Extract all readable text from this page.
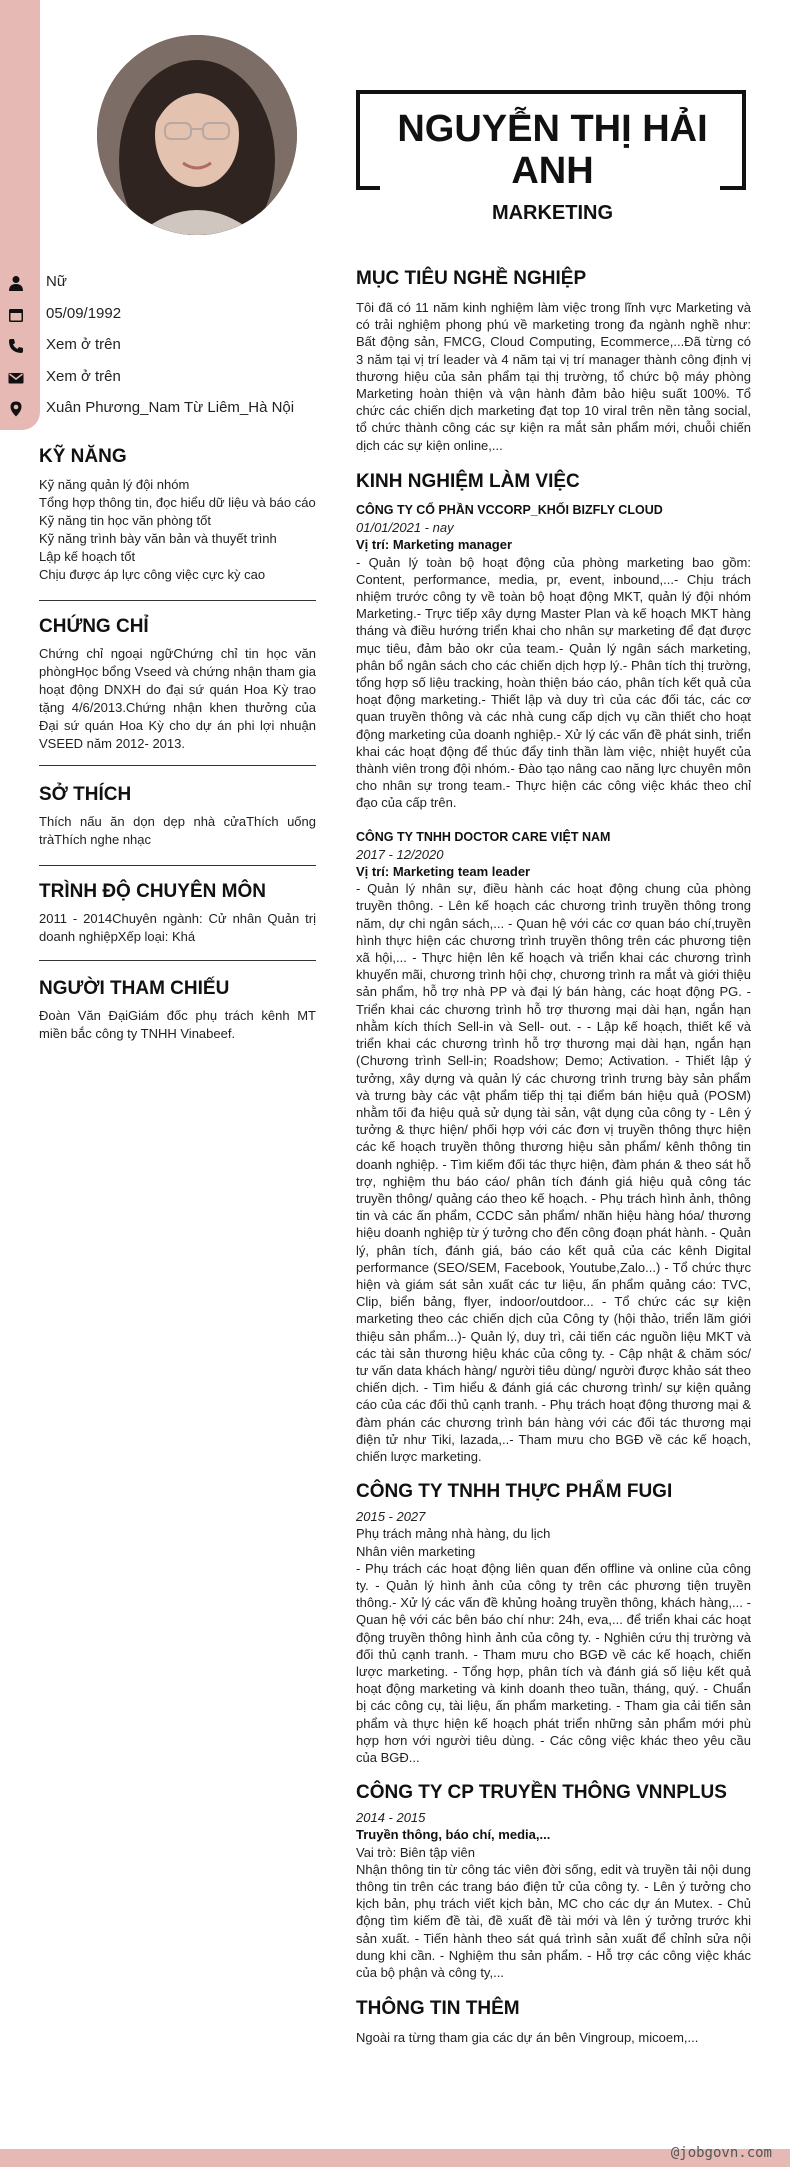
NGUYỄN THỊ HẢI ANH
MARKETING
Nữ
05/09/1992
Xem ở trên
Xem ở trên
Xuân Phương_Nam Từ Liêm_Hà Nội
KỸ NĂNG
Kỹ năng quản lý đội nhóm
Tổng hợp thông tin, đọc hiểu dữ liệu và báo cáo
Kỹ năng tin học văn phòng tốt
Kỹ năng trình bày văn bản và thuyết trình
Lập kế hoạch tốt
Chịu được áp lực công việc cực kỳ cao
CHỨNG CHỈ
Chứng chỉ ngoại ngữChứng chỉ tin học văn phòngHọc bổng Vseed và chứng nhận tham gia hoạt động DNXH do đại sứ quán Hoa Kỳ trao tặng 4/6/2013.Chứng nhận khen thưởng của Đại sứ quán Hoa Kỳ cho dự án phi lợi nhuận VSEED năm 2012- 2013.
SỞ THÍCH
Thích nấu ăn dọn dẹp nhà cửaThích uống tràThích nghe nhạc
TRÌNH ĐỘ CHUYÊN MÔN
2011 - 2014Chuyên ngành: Cử nhân Quản trị doanh nghiệpXếp loại: Khá
NGƯỜI THAM CHIẾU
Đoàn Văn ĐạiGiám đốc phụ trách kênh MT miền bắc công ty TNHH Vinabeef.
MỤC TIÊU NGHỀ NGHIỆP

Tôi đã có 11 năm kinh nghiệm làm việc trong lĩnh vực Marketing và có trải nghiệm phong phú về marketing trong đa ngành nghề như: Bất động sản, FMCG, Cloud Computing, Ecommerce,...Đã từng có 3 năm tại vị trí leader và 4 năm tại vị trí manager thành công định vị thương hiệu của sản phẩm tại thị trường, tổ chức bộ máy phòng Marketing hoàn thiện và vận hành đảm bảo hiệu suất 100%. Tổ chức các chiến dịch marketing đạt top 10 viral trên nền tảng social, tổ chức thành công các sự kiện ra mắt sản phẩm mới, chuỗi chiến dịch các sự kiện online,...

KINH NGHIỆM LÀM VIỆC
CÔNG TY CỔ PHẦN VCCORP_KHỐI BIZFLY CLOUD
01/01/2021 - nay
Vị trí: Marketing manager

- Quản lý toàn bộ hoạt động của phòng marketing bao gồm: Content, performance, media, pr, event, inbound,...- Chịu trách nhiệm trước công ty về toàn bộ hoạt động MKT, quản lý đội nhóm Marketing.- Trực tiếp xây dựng Master Plan và kế hoạch MKT hàng tháng và điều hướng triển khai cho nhân sự marketing để đạt được mục tiêu, đảm bảo okr của team.- Quản lý ngân sách marketing, phân bổ ngân sách cho các chiến dịch hợp lý.- Phân tích thị trường, tổng hợp số liệu tracking, hoàn thiện báo cáo, phân tích kết quả của hoạt động marketing.- Thiết lập và duy trì của các đối tác, các cơ quan truyền thông và các nhà cung cấp dịch vụ cần thiết cho hoạt động marketing của doanh nghiệp.- Xử lý các vấn đề phát sinh, triển khai các hoạt động để thúc đẩy tinh thần làm việc, nhiệt huyết của thành viên trong đội nhóm.- Đào tạo nâng cao năng lực chuyên môn cho nhân sự trong team.- Thực hiện các công việc khác theo chỉ đạo của cấp trên.

CÔNG TY TNHH DOCTOR CARE VIỆT NAM
2017 - 12/2020
Vị trí: Marketing team leader

- Quản lý nhân sự, điều hành các hoạt động chung của phòng truyền thông. - Lên kế hoạch các chương trình truyền thông trong năm, dự chi ngân sách,... - Quan hệ với các cơ quan báo chí,truyền hình thực hiện các chương trình truyền thông trên các phương tiện xã hội,... - Thực hiện lên kế hoạch và triển khai các chương trình khuyến mãi, chương trình hội chợ, chương trình ra mắt và giới thiệu sản phẩm, hỗ trợ nhà PP và đại lý bán hàng, các hoạt động PG. - Triển khai các chương trình hỗ trợ thương mại dài hạn, ngắn hạn nhằm kích thích Sell-in và Sell- out. - - Lập kế hoạch, thiết kế và triển khai các chương trình hỗ trợ thương mại dài hạn, ngắn hạn (Chương trình Sell-in; Roadshow; Demo; Activation. - Thiết lập ý tưởng, xây dựng và quản lý các chương trình trưng bày sản phẩm và trưng bày các vật phẩm tiếp thị tại điểm bán hiệu quả (POSM) nhằm tối đa hiệu quả sử dụng tài sản, vật dụng của công ty - Lên ý tưởng & thực hiện/ phối hợp với các đơn vị truyền thông thực hiện các kế hoạch truyền thông thương hiệu sản phẩm/ kênh thông tin doanh nghiệp. - Tìm kiếm đối tác thực hiện, đàm phán & theo sát hỗ trợ, nghiệm thu báo cáo/ phân tích đánh giá hiệu quả công tác truyền thông/ quảng cáo theo kế hoạch. - Phụ trách hình ảnh, thông tin và các ấn phẩm, CCDC sản phẩm/ nhãn hiệu hàng hóa/ thương hiệu doanh nghiệp từ ý tưởng cho đến công đoạn phát hành. - Quản lý, phân tích, đánh giá, báo cáo kết quả của các kênh Digital performance (SEO/SEM, Facebook, Youtube,Zalo...) - Tổ chức thực hiện và giám sát sản xuất các tư liệu, ấn phẩm quảng cáo: TVC, Clip, biển bảng, flyer, indoor/outdoor... - Tổ chức các sự kiện marketing theo các chiến dịch của Công ty (hội thảo, triển lãm giới thiệu sản phẩm...)- Quản lý, duy trì, cải tiến các nguồn liệu MKT và các tài sản thương hiệu khác của công ty. - Cập nhật & chăm sóc/ tư vấn data khách hàng/ người tiêu dùng/ người được khảo sát theo chiến dịch. - Tìm hiểu & đánh giá các chương trình/ sự kiện quảng cáo của các đối thủ cạnh tranh. - Phụ trách hoạt động thương mại & đàm phán các chương trình bán hàng với các đối tác thương mại điện tử như Tiki, lazada,..- Tham mưu cho BGĐ về các kế hoạch, chiến lược marketing.

CÔNG TY TNHH THỰC PHẨM FUGI
2015 - 2027
Phụ trách mảng nhà hàng, du lịch
Nhân viên marketing

- Phụ trách các hoạt động liên quan đến offline và online của công ty. - Quản lý hình ảnh của công ty trên các phương tiện truyền thông.- Xử lý các vấn đề khủng hoảng truyền thông, khách hàng,... - Quan hệ với các bên báo chí như: 24h, eva,... để triển khai các hoạt động truyền thông hình ảnh của công ty. - Nghiên cứu thị trường và đối thủ cạnh tranh. - Tham mưu cho BGĐ về các kế hoạch, chiến lược marketing. - Tổng hợp, phân tích và đánh giá số liệu kết quả hoạt động marketing và kinh doanh theo tuần, tháng, quý. - Chuẩn bị các công cụ, tài liệu, ấn phẩm marketing. - Tham gia cải tiến sản phẩm và thực hiện kế hoạch phát triển những sản phẩm mới phù hợp hơn với người tiêu dùng. - Các công việc khác theo yêu cầu của BGĐ...

CÔNG TY CP TRUYỀN THÔNG VNNPLUS
2014 - 2015
Truyền thông, báo chí, media,...
Vai trò: Biên tập viên

Nhận thông tin từ công tác viên đời sống, edit và truyền tải nội dung thông tin trên các trang báo điện tử của công ty. - Lên ý tưởng cho kịch bản, phụ trách viết kịch bản, MC cho các dự án Mutex. - Chủ động tìm kiếm đề tài, đề xuất đề tài mới và lên ý tưởng trước khi sản xuất. - Tiến hành theo sát quá trình sản xuất để chỉnh sửa nội dung khi cần. - Nghiệm thu sản phẩm. - Hỗ trợ các công việc khác của bộ phận và công ty,...

THÔNG TIN THÊM

Ngoài ra từng tham gia các dự án bên Vingroup, micoem,...

@jobgovn.com
